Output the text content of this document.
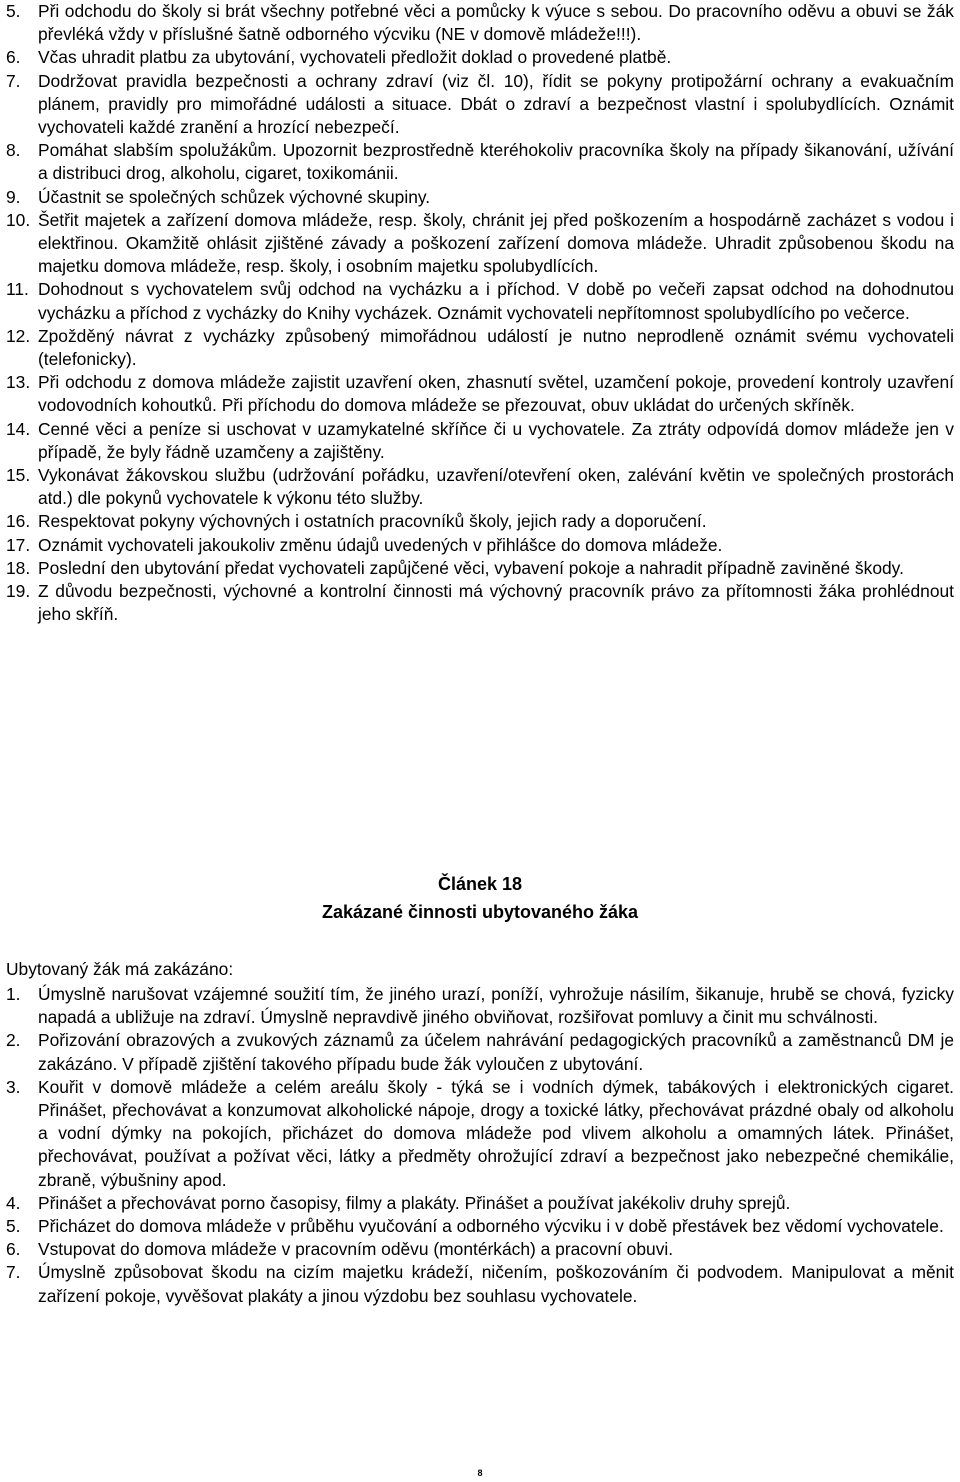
5.	Při odchodu do školy si brát všechny potřebné věci a pomůcky k výuce s sebou. Do pracovního oděvu a obuvi se žák převléká vždy v příslušné šatně odborného výcviku (NE v domově mládeže!!!).
6.	Včas uhradit platbu za ubytování, vychovateli předložit doklad o provedené platbě.
7.	Dodržovat pravidla bezpečnosti a ochrany zdraví (viz čl. 10), řídit se pokyny protipožární ochrany a evakuačním plánem, pravidly pro mimořádné události a situace. Dbát o zdraví a bezpečnost vlastní i spolubydlících. Oznámit vychovateli každé zranění a hrozící nebezpečí.
8.	Pomáhat slabším spolužákům. Upozornit bezprostředně kteréhokoliv pracovníka školy na případy šikanování, užívání a distribuci drog, alkoholu, cigaret, toxikománii.
9.	Účastnit se společných schůzek výchovné skupiny.
10. Šetřit majetek a zařízení domova mládeže, resp. školy, chránit jej před poškozením a hospodárně zacházet s vodou i elektřinou. Okamžitě ohlásit zjištěné závady a poškození zařízení domova mládeže. Uhradit způsobenou škodu na majetku domova mládeže, resp. školy, i osobním majetku spolubydlících.
11. Dohodnout s vychovatelem svůj odchod na vycházku a i příchod. V době po večeři zapsat odchod na dohodnutou vycházku a příchod z vycházky do Knihy vycházek. Oznámit vychovateli nepřítomnost spolubydlícího po večerce.
12. Zpožděný návrat z vycházky způsobený mimořádnou událostí je nutno neprodleně oznámit svému vychovateli (telefonicky).
13. Při odchodu z domova mládeže zajistit uzavření oken, zhasnutí světel, uzamčení pokoje, provedení kontroly uzavření vodovodních kohoutků. Při příchodu do domova mládeže se přezouvat, obuv ukládat do určených skříněk.
14. Cenné věci a peníze si uschovat v uzamykatelné skříňce či u vychovatele. Za ztráty odpovídá domov mládeže jen v případě, že byly řádně uzamčeny a zajištěny.
15. Vykonávat žákovskou službu (udržování pořádku, uzavření/otevření oken, zalévání květin ve společných prostorách atd.) dle pokynů vychovatele k výkonu této služby.
16. Respektovat pokyny výchovných i ostatních pracovníků školy, jejich rady a doporučení.
17. Oznámit vychovateli jakoukoliv změnu údajů uvedených v přihlášce do domova mládeže.
18. Poslední den ubytování předat vychovateli zapůjčené věci, vybavení pokoje a nahradit případně zaviněné škody.
19. Z důvodu bezpečnosti, výchovné a kontrolní činnosti má výchovný pracovník právo za přítomnosti žáka prohlédnout jeho skříň.
Článek 18
Zakázané činnosti ubytovaného žáka
Ubytovaný žák má zakázáno:
1.	Úmyslně narušovat vzájemné soužití tím, že jiného urazí, poníží, vyhrožuje násilím, šikanuje, hrubě se chová, fyzicky napadá a ubližuje na zdraví. Úmyslně nepravdivě jiného obviňovat, rozšiřovat pomluvy a činit mu schválnosti.
2.	Pořizování obrazových a zvukových záznamů za účelem nahrávání pedagogických pracovníků a zaměstnanců DM je zakázáno. V případě zjištění takového případu bude žák vyloučen z ubytování.
3.	Kouřit v domově mládeže a celém areálu školy - týká se i vodních dýmek, tabákových i elektronických cigaret. Přinášet, přechovávat a konzumovat alkoholické nápoje, drogy a toxické látky, přechovávat prázdné obaly od alkoholu a vodní dýmky na pokojích, přicházet do domova mládeže pod vlivem alkoholu a omamných látek. Přinášet, přechovávat, používat a požívat věci, látky a předměty ohrožující zdraví a bezpečnost jako nebezpečné chemikálie, zbraně, výbušniny apod.
4.	Přinášet a přechovávat porno časopisy, filmy a plakáty. Přinášet a používat jakékoliv druhy sprejů.
5.	Přicházet do domova mládeže v průběhu vyučování a odborného výcviku i v době přestávek bez vědomí vychovatele.
6.	Vstupovat do domova mládeže v pracovním oděvu (montérkách) a pracovní obuvi.
7.	Úmyslně způsobovat škodu na cizím majetku krádeží, ničením, poškozováním či podvodem. Manipulovat a měnit zařízení pokoje, vyvěšovat plakáty a jinou výzdobu bez souhlasu vychovatele.
8
